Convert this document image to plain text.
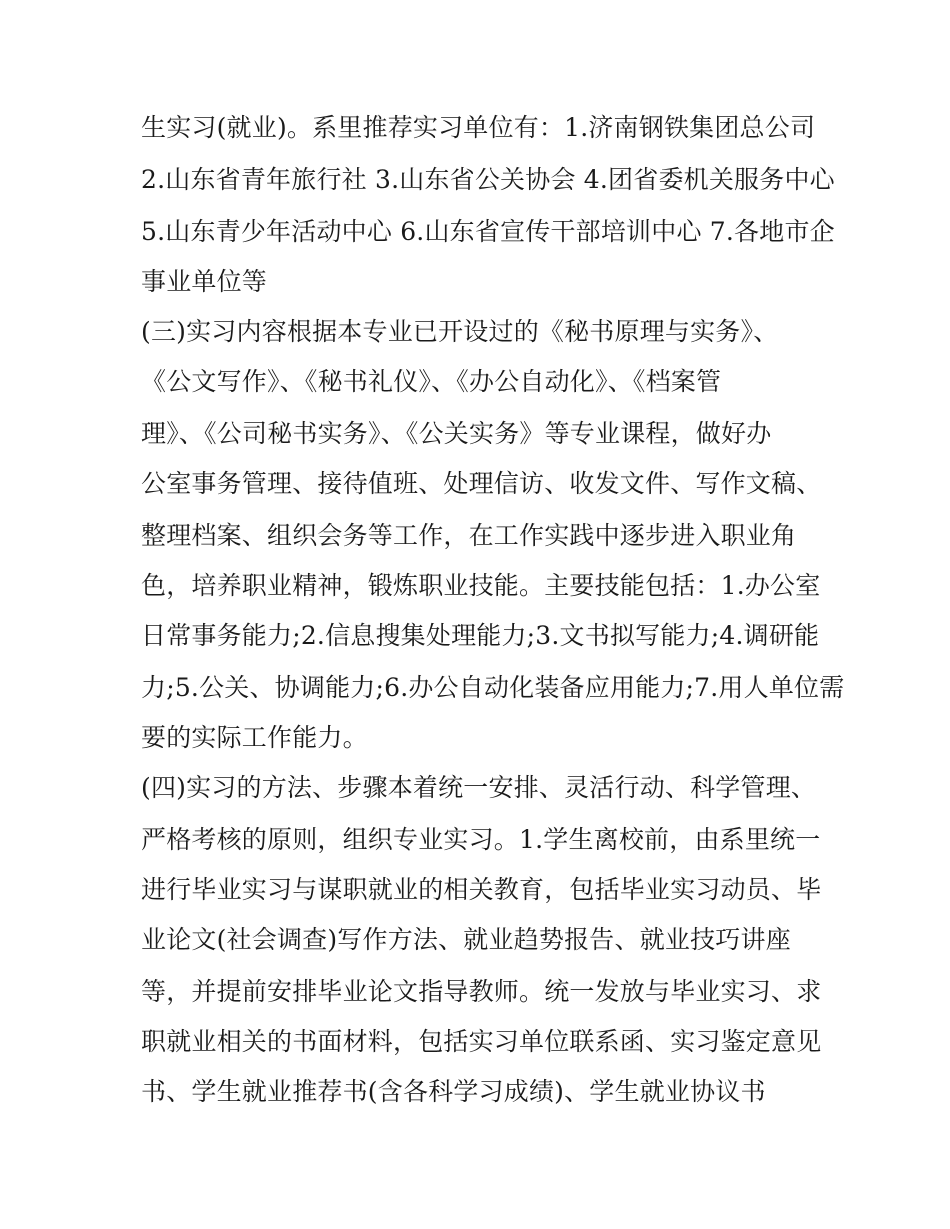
生实习(就业)。系里推荐实习单位有：1.济南钢铁集团总公司
2.山东省青年旅行社 3.山东省公关协会 4.团省委机关服务中心
5.山东青少年活动中心 6.山东省宣传干部培训中心 7.各地市企
事业单位等
(三)实习内容根据本专业已开设过的《秘书原理与实务》、
《公文写作》、《秘书礼仪》、《办公自动化》、《档案管
理》、《公司秘书实务》、《公关实务》等专业课程，做好办
公室事务管理、接待值班、处理信访、收发文件、写作文稿、
整理档案、组织会务等工作，在工作实践中逐步进入职业角
色，培养职业精神，锻炼职业技能。主要技能包括：1.办公室
日常事务能力;2.信息搜集处理能力;3.文书拟写能力;4.调研能
力;5.公关、协调能力;6.办公自动化装备应用能力;7.用人单位需
要的实际工作能力。
(四)实习的方法、步骤本着统一安排、灵活行动、科学管理、
严格考核的原则，组织专业实习。1.学生离校前，由系里统一
进行毕业实习与谋职就业的相关教育，包括毕业实习动员、毕
业论文(社会调查)写作方法、就业趋势报告、就业技巧讲座
等，并提前安排毕业论文指导教师。统一发放与毕业实习、求
职就业相关的书面材料，包括实习单位联系函、实习鉴定意见
书、学生就业推荐书(含各科学习成绩)、学生就业协议书
